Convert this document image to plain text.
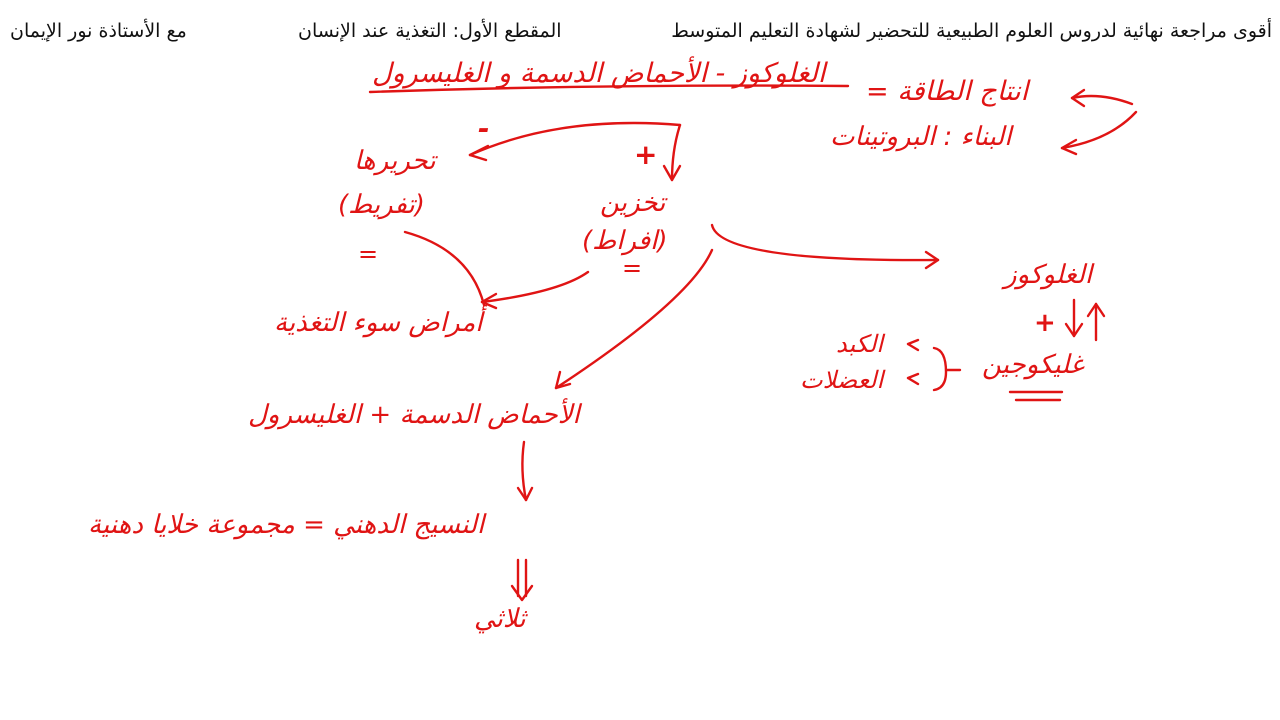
أقوى مراجعة نهائية لدروس العلوم الطبيعية للتحضير لشهادة التعليم المتوسط
المقطع الأول: التغذية عند الإنسان
مع الأستاذة نور الإيمان
الغلوكوز - الأحماض الدسمة و الغليسرول
انتاج الطاقة =
البناء : البروتينات
-
+
تحريرها
(تفريط)
=
تخزين
(افراط)
=
أمراض سوء التغذية
الغلوكوز
+
غليكوجين
الكبد
العضلات
الأحماض الدسمة + الغليسرول
النسيج الدهني = مجموعة خلايا دهنية
ثلاثي
